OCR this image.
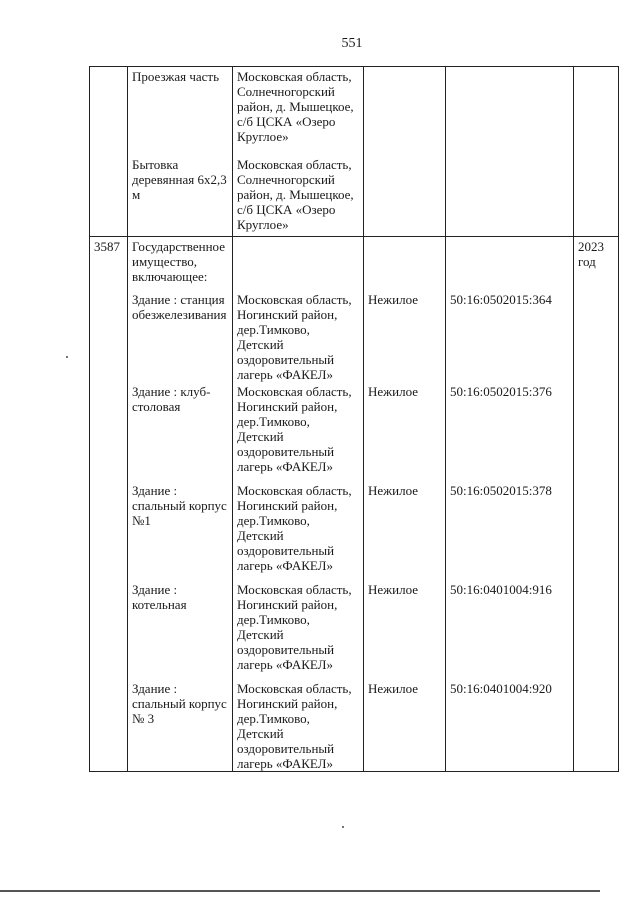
551

	Проезжая часть	Московская область, Солнечногорский район, д. Мышецкое, с/б ЦСКА «Озеро Круглое»			

	Бытовка деревянная 6х2,3 м	Московская область, Солнечногорский район, д. Мышецкое, с/б ЦСКА «Озеро Круглое»			

3587	Государственное имущество, включающее:				2023 год

	Здание : станция обезжелезивания	Московская область, Ногинский район, дер.Тимково, Детский оздоровительный лагерь «ФАКЕЛ»	Нежилое	50:16:0502015:364	

	Здание : клуб-столовая	Московская область, Ногинский район, дер.Тимково, Детский оздоровительный лагерь «ФАКЕЛ»	Нежилое	50:16:0502015:376	

	Здание : спальный корпус №1	Московская область, Ногинский район, дер.Тимково, Детский оздоровительный лагерь «ФАКЕЛ»	Нежилое	50:16:0502015:378	

	Здание : котельная	Московская область, Ногинский район, дер.Тимково, Детский оздоровительный лагерь «ФАКЕЛ»	Нежилое	50:16:0401004:916	

	Здание : спальный корпус № 3	Московская область, Ногинский район, дер.Тимково, Детский оздоровительный лагерь «ФАКЕЛ»	Нежилое	50:16:0401004:920	
